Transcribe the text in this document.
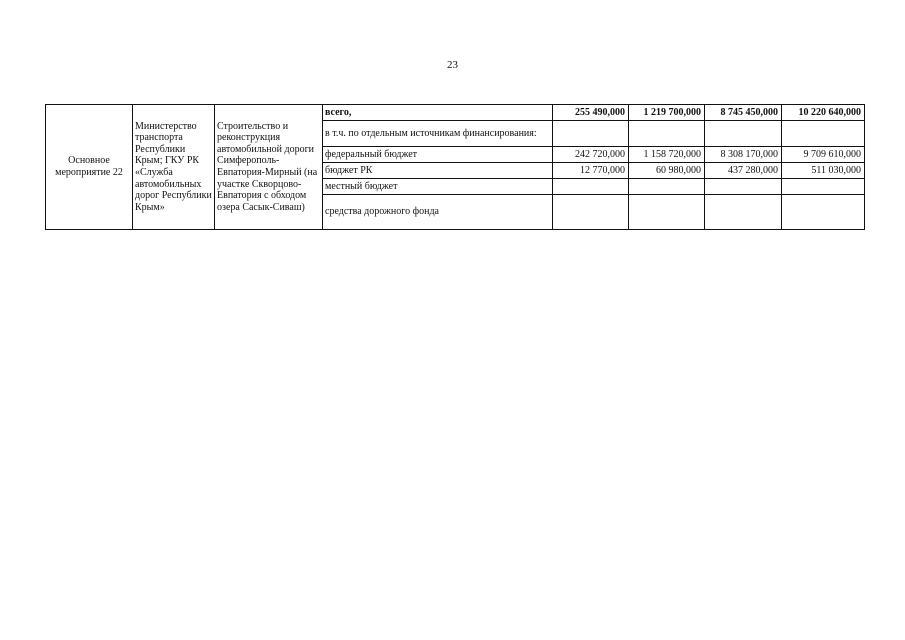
23
Основное мероприятие 22	Министерство транспорта Республики Крым; ГКУ РК «Служба автомобильных дорог Республики Крым»	Строительство и реконструкция автомобильной дороги Симферополь-Евпатория-Мирный (на участке Скворцово-Евпатория с обходом озера Сасык-Сиваш)	всего,	255 490,000	1 219 700,000	8 745 450,000	10 220 640,000
			в т.ч. по отдельным источникам финансирования:				
			федеральный бюджет	242 720,000	1 158 720,000	8 308 170,000	9 709 610,000
			бюджет РК	12 770,000	60 980,000	437 280,000	511 030,000
			местный бюджет				
			средства дорожного фонда				
